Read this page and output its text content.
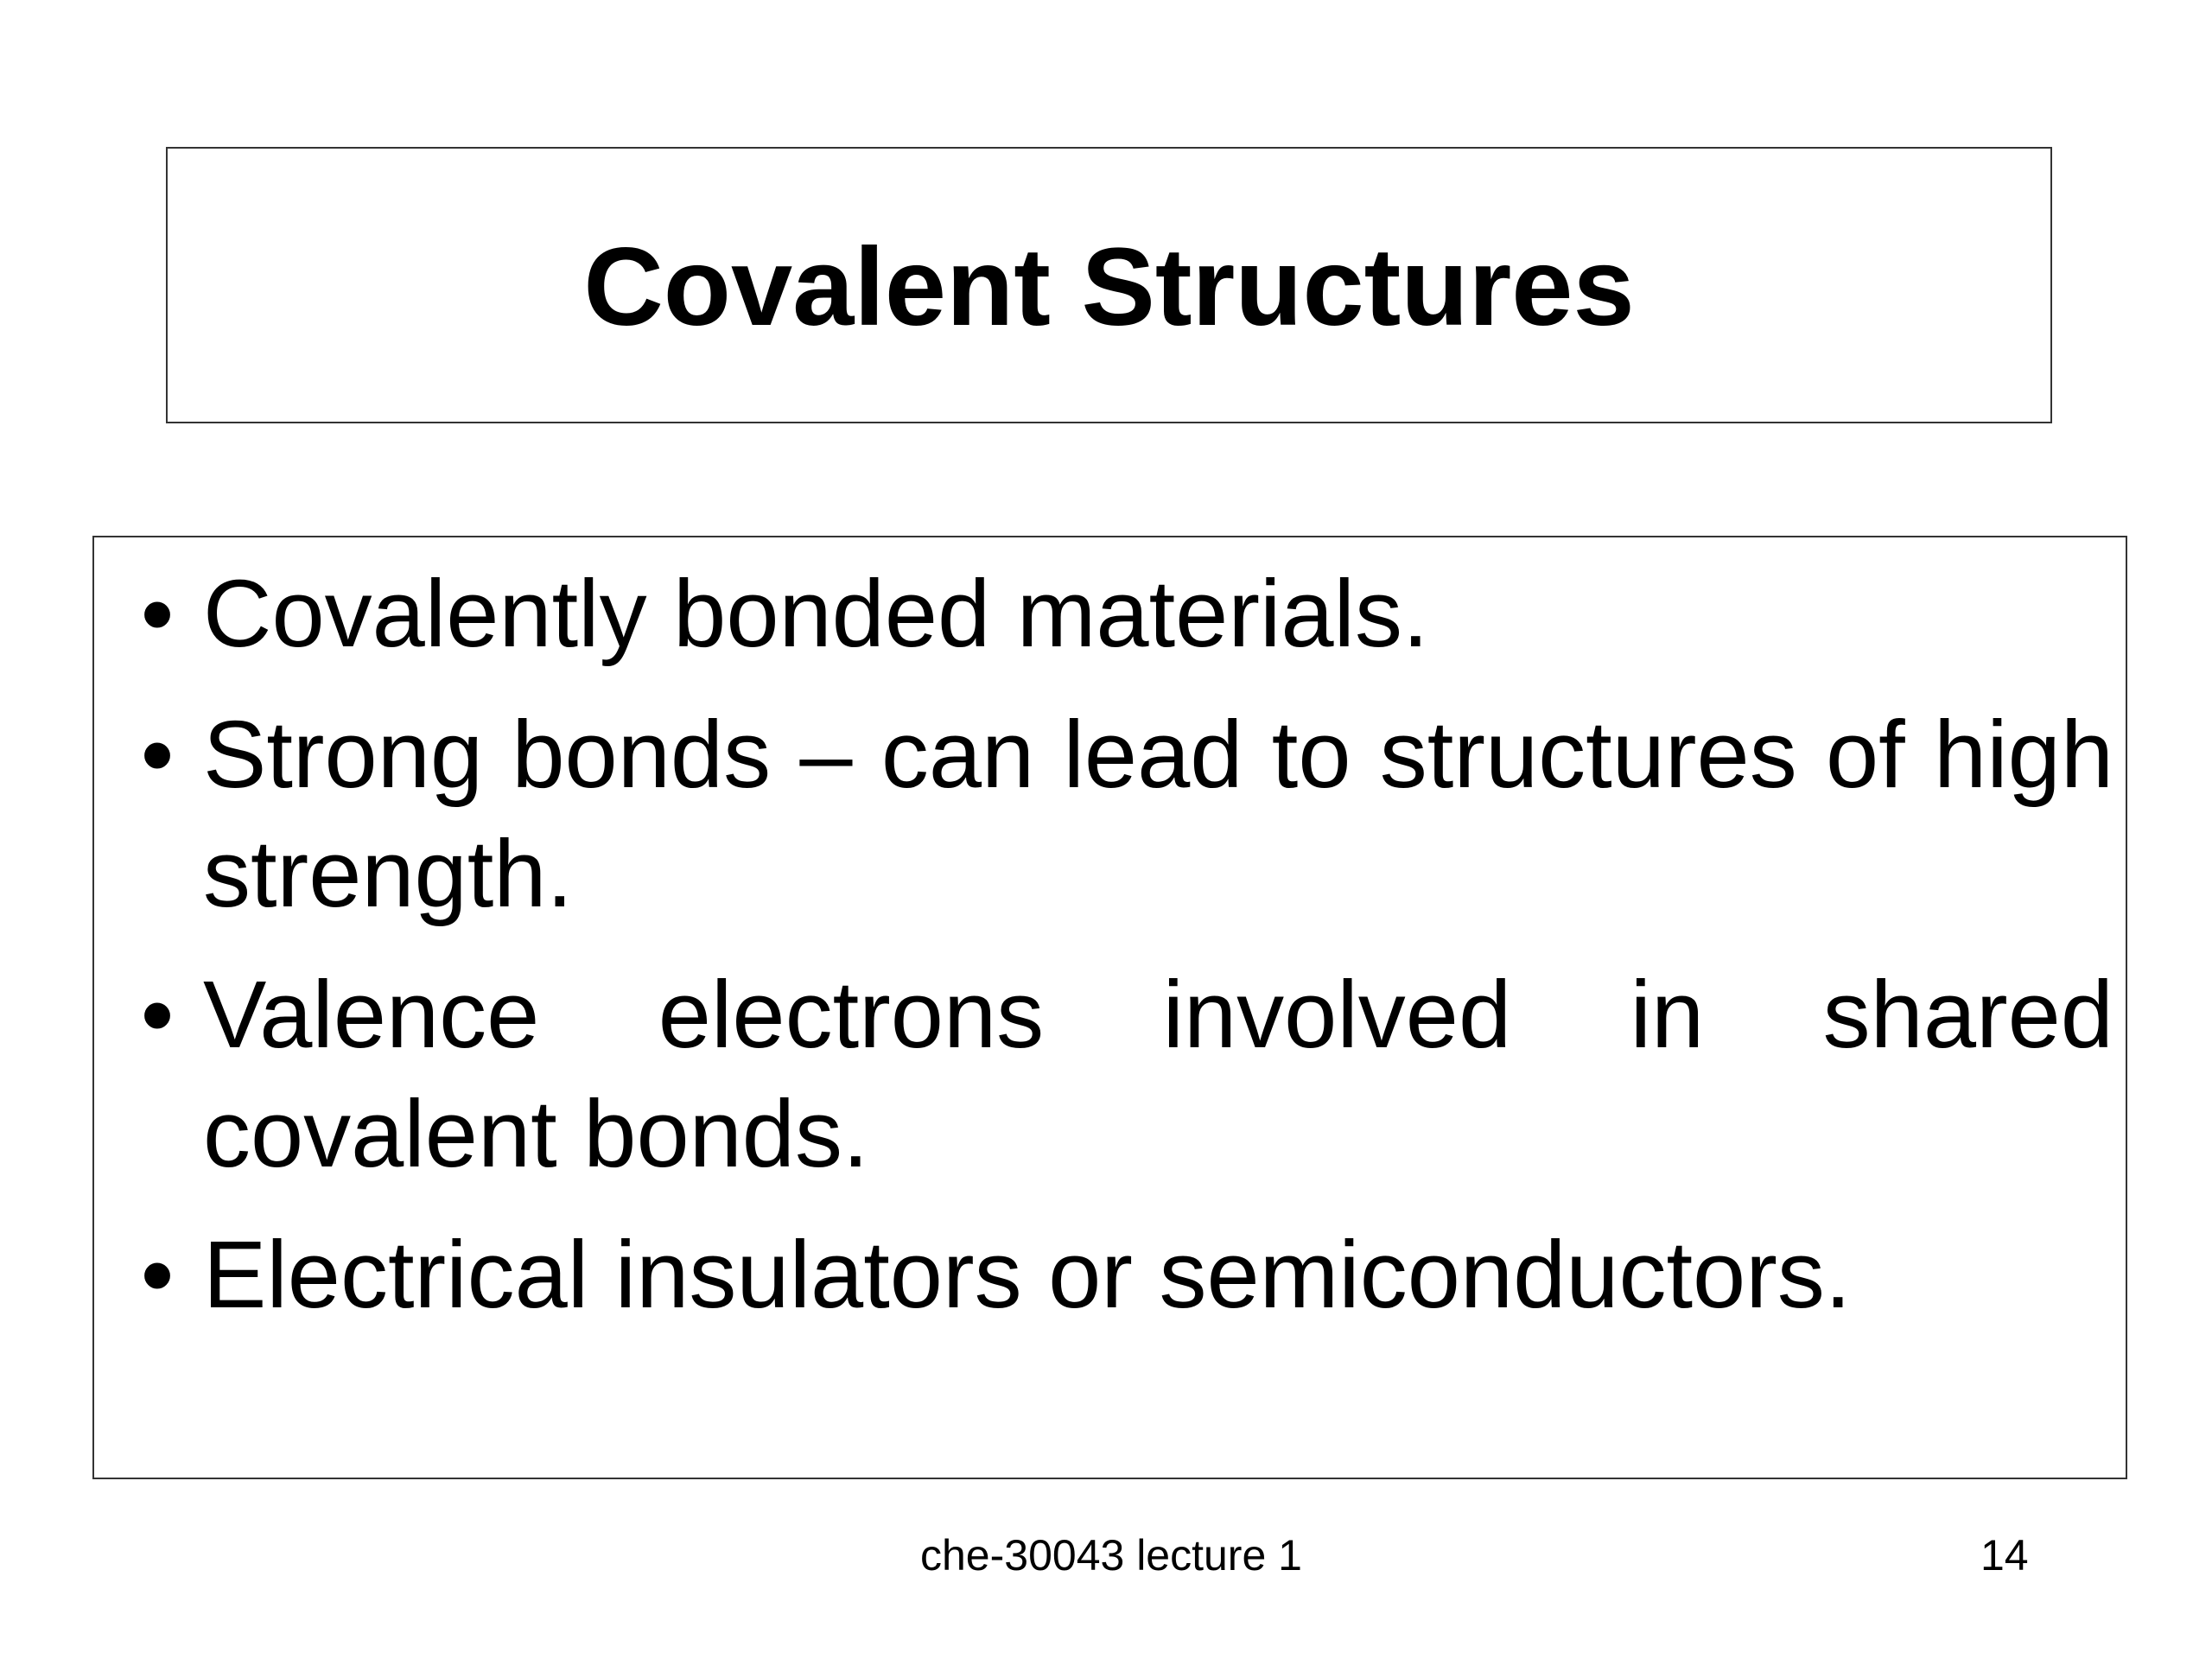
Covalent Structures
• Covalently bonded materials.
• Strong bonds – can lead to structures of high strength.
• Valence electrons involved in shared covalent bonds.
• Electrical insulators or semiconductors.
che-30043 lecture 1	14
